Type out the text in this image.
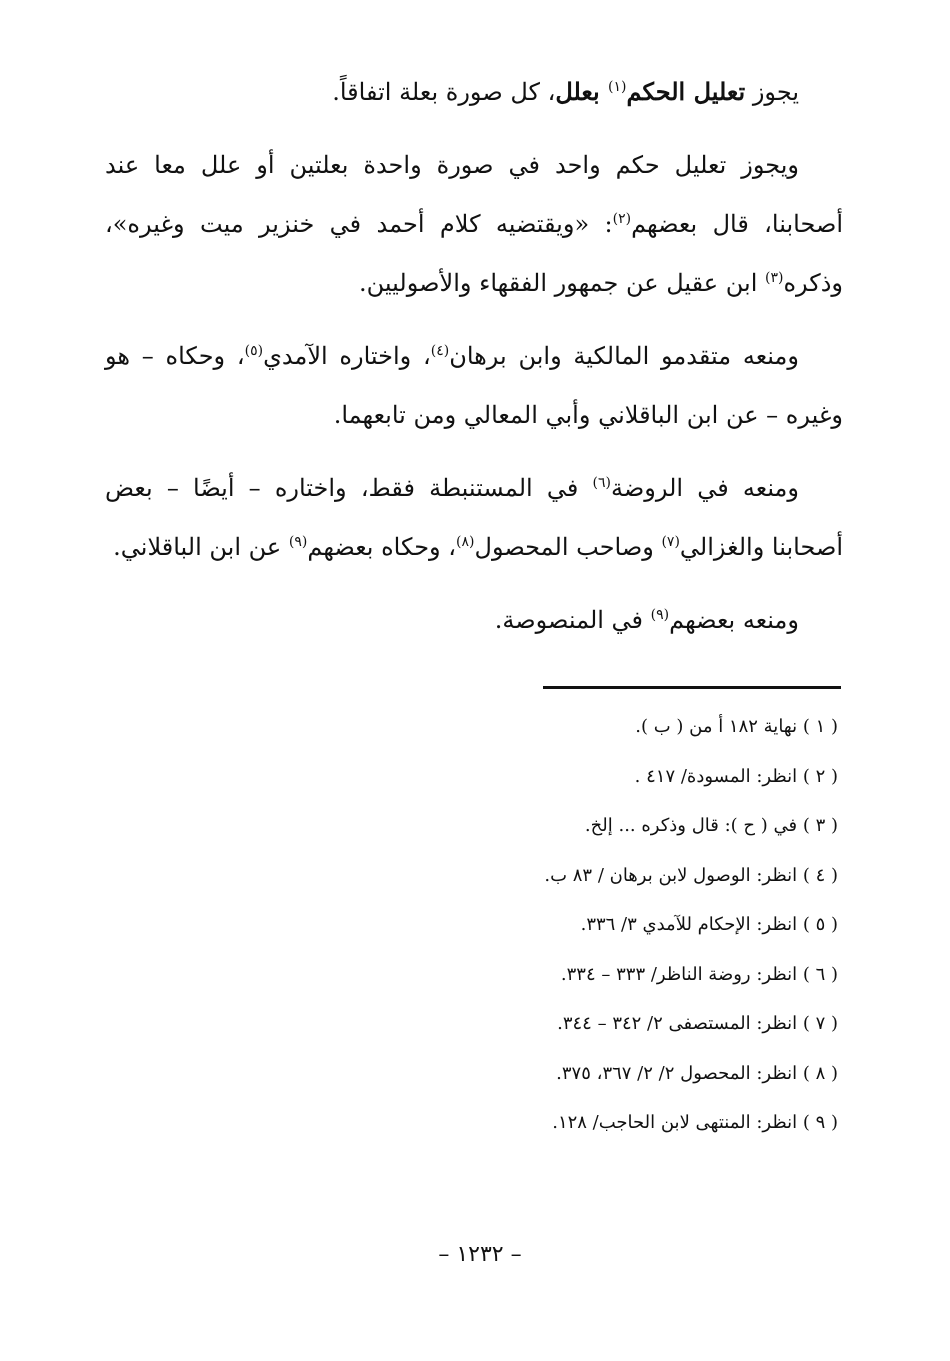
يجوز تعليل الحكم$^{(١)}$ بعلل، كل صورة بعلة اتفاقاً.

ويجوز تعليل حكم واحد في صورة واحدة بعلتين أو علل معا عند أصحابنا، قال بعضهم$^{(٢)}$: «ويقتضيه كلام أحمد في خنزير ميت وغيره»، وذكره$^{(٣)}$ ابن عقيل عن جمهور الفقهاء والأصوليين.

ومنعه متقدمو المالكية وابن برهان$^{(٤)}$، واختاره الآمدي$^{(٥)}$، وحكاه – هو وغيره – عن ابن الباقلاني وأبي المعالي ومن تابعهما.

ومنعه في الروضة$^{(٦)}$ في المستنبطة فقط، واختاره – أيضًا – بعض أصحابنا والغزالي$^{(٧)}$ وصاحب المحصول$^{(٨)}$، وحكاه بعضهم$^{(٩)}$ عن ابن الباقلاني.

ومنعه بعضهم$^{(٩)}$ في المنصوصة.

( ١ ) نهاية ١٨٢ أ من ( ب ).

( ٢ ) انظر: المسودة/ ٤١٧ .

( ٣ ) في ( ح ): قال وذكره ... إلخ.

( ٤ ) انظر: الوصول لابن برهان / ٨٣ ب.

( ٥ ) انظر: الإحكام للآمدي ٣/ ٣٣٦.

( ٦ ) انظر: روضة الناظر/ ٣٣٣ – ٣٣٤.

( ٧ ) انظر: المستصفى ٢/ ٣٤٢ – ٣٤٤.

( ٨ ) انظر: المحصول ٢/ ٢/ ٣٦٧، ٣٧٥.

( ٩ ) انظر: المنتهى لابن الحاجب/ ١٢٨.

– ١٢٣٢ –
